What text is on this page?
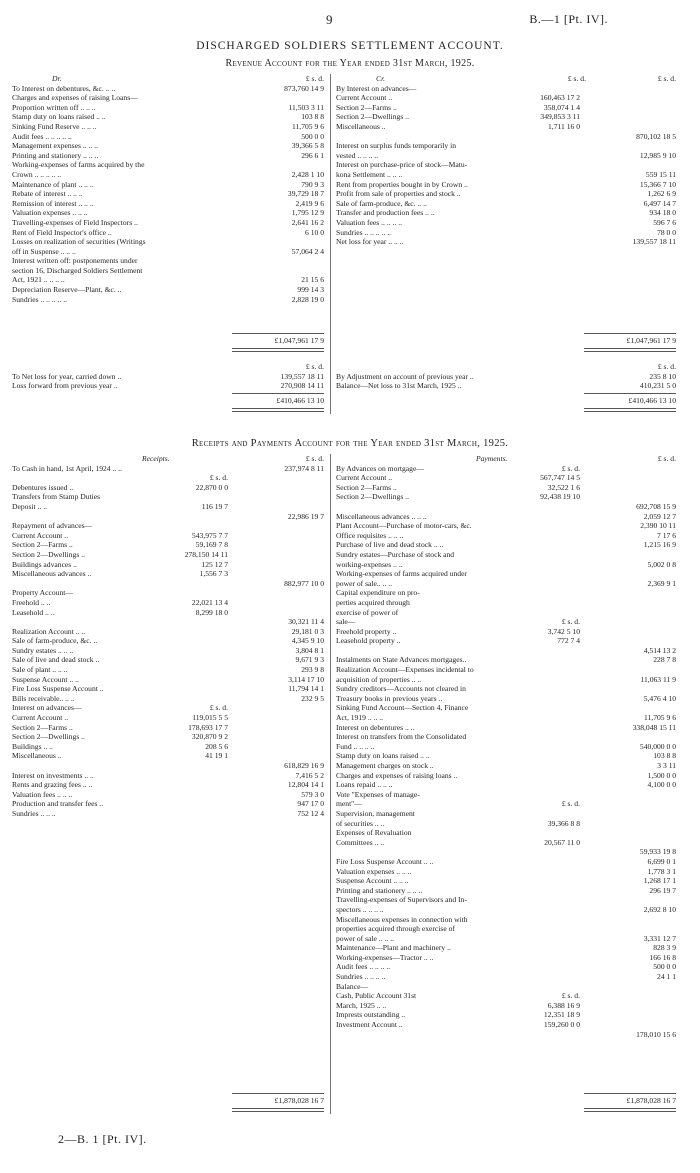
9	B.—1 [Pt. IV].
DISCHARGED SOLDIERS SETTLEMENT ACCOUNT.
Revenue Account for the Year ended 31st March, 1925.
Dr.	£ s. d.
To Interest on debentures, &c. .. ..	873,760 14 9
Charges and expenses of raising Loans—
Proportion written off .. .. ..	11,503 3 11
Stamp duty on loans raised .. ..	103 8 8
Sinking Fund Reserve .. .. ..	11,705 9 6
Audit fees .. .. .. .. ..	500 0 0
Management expenses .. .. ..	39,366 5 8
Printing and stationery .. .. ..	296 6 1
Working-expenses of farms acquired by the
Crown .. .. .. .. ..	2,428 1 10
Maintenance of plant .. .. ..	790 9 3
Rebate of interest .. .. ..	39,729 18 7
Remission of interest .. .. ..	2,419 9 6
Valuation expenses .. .. ..	1,795 12 9
Travelling-expenses of Field Inspectors ..	2,641 16 2
Rent of Field Inspector's office ..	6 10 0
Losses on realization of securities (Writings
off in Suspense .. .. ..	57,064 2 4
Interest written off: postponements under
section 16, Discharged Soldiers Settlement
Act, 1921 .. .. .. ..	21 15 6
Depreciation Reserve—Plant, &c. ..	999 14 3
Sundries .. .. .. .. ..	2,828 19 0
Cr.	£ s. d.	£ s. d.
By Interest on advances—
Current Account ..	160,463 17 2
Section 2—Farms ..	358,074 1 4
Section 2—Dwellings ..	349,853 3 11
Miscellaneous ..	1,711 16 0
870,102 18 5
Interest on surplus funds temporarily in
vested .. .. .. ..	12,985 9 10
Interest on purchase-price of stock—Matu-
kona Settlement .. .. ..	559 15 11
Rent from properties bought in by Crown ..	15,366 7 10
Profit from sale of properties and stock ..	1,262 6 9
Sale of farm-produce, &c. .. ..	6,497 14 7
Transfer and production fees .. ..	934 18 0
Valuation fees .. .. .. ..	596 7 6
Sundries .. .. .. .. ..	78 0 0
Net loss for year .. .. ..	139,557 18 11
£1,047,961 17 9	£1,047,961 17 9
£ s. d.
To Net loss for year, carried down ..	139,557 18 11
Loss forward from previous year ..	270,908 14 11
£ s. d.
By Adjustment on account of previous year ..	235 8 10
Balance—Net loss to 31st March, 1925 ..	410,231 5 0
£410,466 13 10	£410,466 13 10
Receipts and Payments Account for the Year ended 31st March, 1925.
Receipts.	£ s. d.
To Cash in hand, 1st April, 1924 .. ..	237,974 8 11
£ s. d.
Debentures issued ..	22,870 0 0
Transfers from Stamp Duties
Deposit .. ..	116 19 7
22,986 19 7
Repayment of advances—
Current Account ..	543,975 7 7
Section 2—Farms ..	59,169 7 8
Section 2—Dwellings ..	278,150 14 11
Buildings advances ..	125 12 7
Miscellaneous advances ..	1,556 7 3
882,977 10 0
Property Account—
Freehold .. ..	22,021 13 4
Leasehold .. ..	8,299 18 0
30,321 11 4
Realization Account .. ..	29,181 0 3
Sale of farm-produce, &c. ..	4,345 9 10
Sundry estates .. .. ..	3,804 8 1
Sale of live and dead stock ..	9,671 9 3
Sale of plant .. .. ..	293 9 8
Suspense Account .. ..	3,114 17 10
Fire Loss Suspense Account ..	11,794 14 1
Bills receivable.. .. ..	232 9 5
Interest on advances—	£ s. d.
Current Account ..	119,015 5 5
Section 2—Farms ..	178,693 17 7
Section 2—Dwellings ..	320,870 9 2
Buildings .. ..	208 5 6
Miscellaneous ..	41 19 1
618,829 16 9
Interest on investments .. ..	7,416 5 2
Rents and grazing fees .. ..	12,804 14 1
Valuation fees .. .. ..	579 3 0
Production and transfer fees ..	947 17 0
Sundries .. .. ..	752 12 4
Payments.	£ s. d.
By Advances on mortgage—	£ s. d.
Current Account ..	567,747 14 5
Section 2—Farms ..	32,522 1 6
Section 2—Dwellings ..	92,438 19 10
692,708 15 9
Miscellaneous advances .. .. ..	2,059 12 7
Plant Account—Purchase of motor-cars, &c.	2,390 10 11
Office requisites .. .. ..	7 17 6
Purchase of live and dead stock .. ..	1,215 16 9
Sundry estates—Purchase of stock and
working-expenses .. ..	5,002 0 8
Working-expenses of farms acquired under
power of sale.. .. ..	2,369 9 1
Capital expenditure on pro-
perties acquired through
exercise of power of
sale—	£ s. d.
Freehold property ..	3,742 5 10
Leasehold property ..	772 7 4
4,514 13 2
Instalments on State Advances mortgages..	228 7 8
Realization Account—Expenses incidental to
acquisition of properties .. ..	11,063 11 9
Sundry creditors—Accounts not cleared in
Treasury books in previous years ..	5,476 4 10
Sinking Fund Account—Section 4, Finance
Act, 1919 .. .. ..	11,705 9 6
Interest on debentures .. ..	338,048 15 11
Interest on transfers from the Consolidated
Fund .. .. .. ..	540,000 0 0
Stamp duty on loans raised .. ..	103 8 8
Management charges on stock ..	3 3 11
Charges and expenses of raising loans ..	1,500 0 0
Loans repaid .. .. ..	4,100 0 0
Vote "Expenses of manage-
ment"—	£ s. d.
Supervision, management
of securities .. ..	39,366 8 8
Expenses of Revaluation
Committees .. ..	20,567 11 0
59,933 19 8
Fire Loss Suspense Account .. ..	6,699 0 1
Valuation expenses .. .. ..	1,778 3 1
Suspense Account .. .. ..	1,268 17 1
Printing and stationery .. .. ..	296 19 7
Travelling-expenses of Supervisors and In-
spectors .. .. .. ..	2,692 8 10
Miscellaneous expenses in connection with
properties acquired through exercise of
power of sale .. .. ..	3,331 12 7
Maintenance—Plant and machinery ..	828 3 9
Working-expenses—Tractor .. ..	166 16 8
Audit fees .. .. .. ..	500 0 0
Sundries .. .. .. ..	24 1 1
Balance—
Cash, Public Account 31st	£ s. d.
March, 1925 .. ..	6,388 16 9
Imprests outstanding ..	12,351 18 9
Investment Account ..	159,260 0 0
178,010 15 6
£1,878,028 16 7	£1,878,028 16 7
2—B. 1 [Pt. IV].
